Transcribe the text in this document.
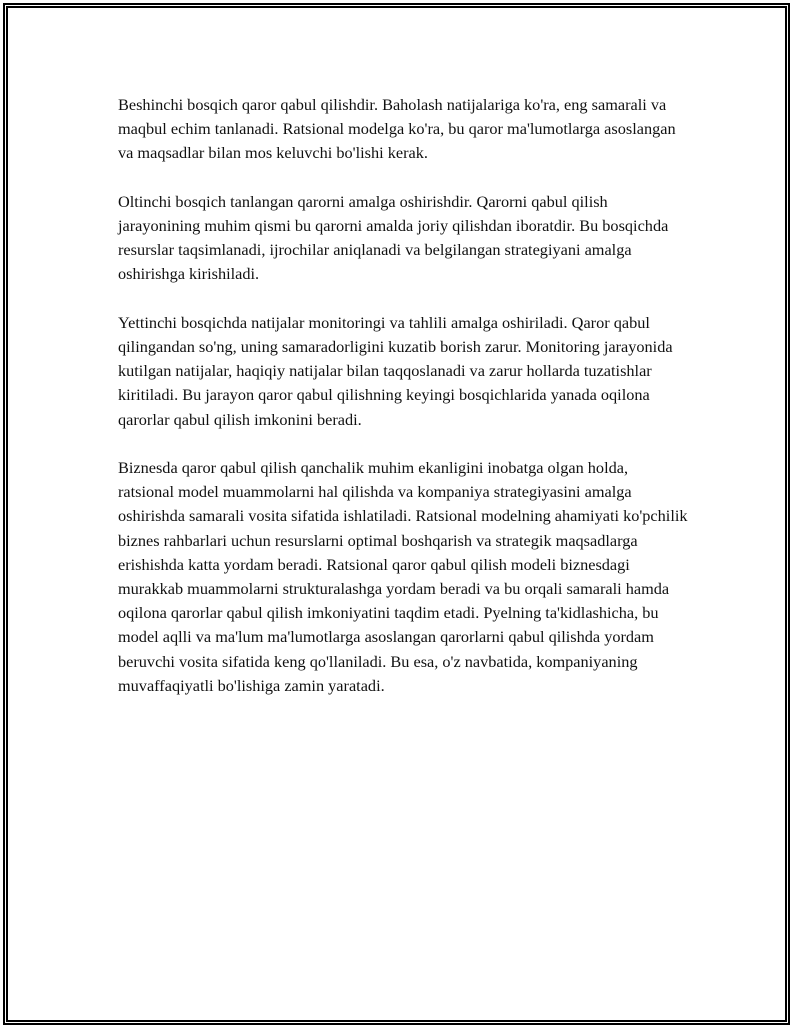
Beshinchi bosqich qaror qabul qilishdir. Baholash natijalariga ko'ra, eng samarali va maqbul echim tanlanadi. Ratsional modelga ko'ra, bu qaror ma'lumotlarga asoslangan va maqsadlar bilan mos keluvchi bo'lishi kerak.

Oltinchi bosqich tanlangan qarorni amalga oshirishdir. Qarorni qabul qilish jarayonining muhim qismi bu qarorni amalda joriy qilishdan iboratdir. Bu bosqichda resurslar taqsimlanadi, ijrochilar aniqlanadi va belgilangan strategiyani amalga oshirishga kirishiladi.

Yettinchi bosqichda natijalar monitoringi va tahlili amalga oshiriladi. Qaror qabul qilingandan so'ng, uning samaradorligini kuzatib borish zarur. Monitoring jarayonida kutilgan natijalar, haqiqiy natijalar bilan taqqoslanadi va zarur hollarda tuzatishlar kiritiladi. Bu jarayon qaror qabul qilishning keyingi bosqichlarida yanada oqilona qarorlar qabul qilish imkonini beradi.

Biznesda qaror qabul qilish qanchalik muhim ekanligini inobatga olgan holda, ratsional model muammolarni hal qilishda va kompaniya strategiyasini amalga oshirishda samarali vosita sifatida ishlatiladi. Ratsional modelning ahamiyati ko'pchilik biznes rahbarlari uchun resurslarni optimal boshqarish va strategik maqsadlarga erishishda katta yordam beradi. Ratsional qaror qabul qilish modeli biznesdagi murakkab muammolarni strukturalashga yordam beradi va bu orqali samarali hamda oqilona qarorlar qabul qilish imkoniyatini taqdim etadi. Pyelning ta'kidlashicha, bu model aqlli va ma'lum ma'lumotlarga asoslangan qarorlarni qabul qilishda yordam beruvchi vosita sifatida keng qo'llaniladi. Bu esa, o'z navbatida, kompaniyaning muvaffaqiyatli bo'lishiga zamin yaratadi.
